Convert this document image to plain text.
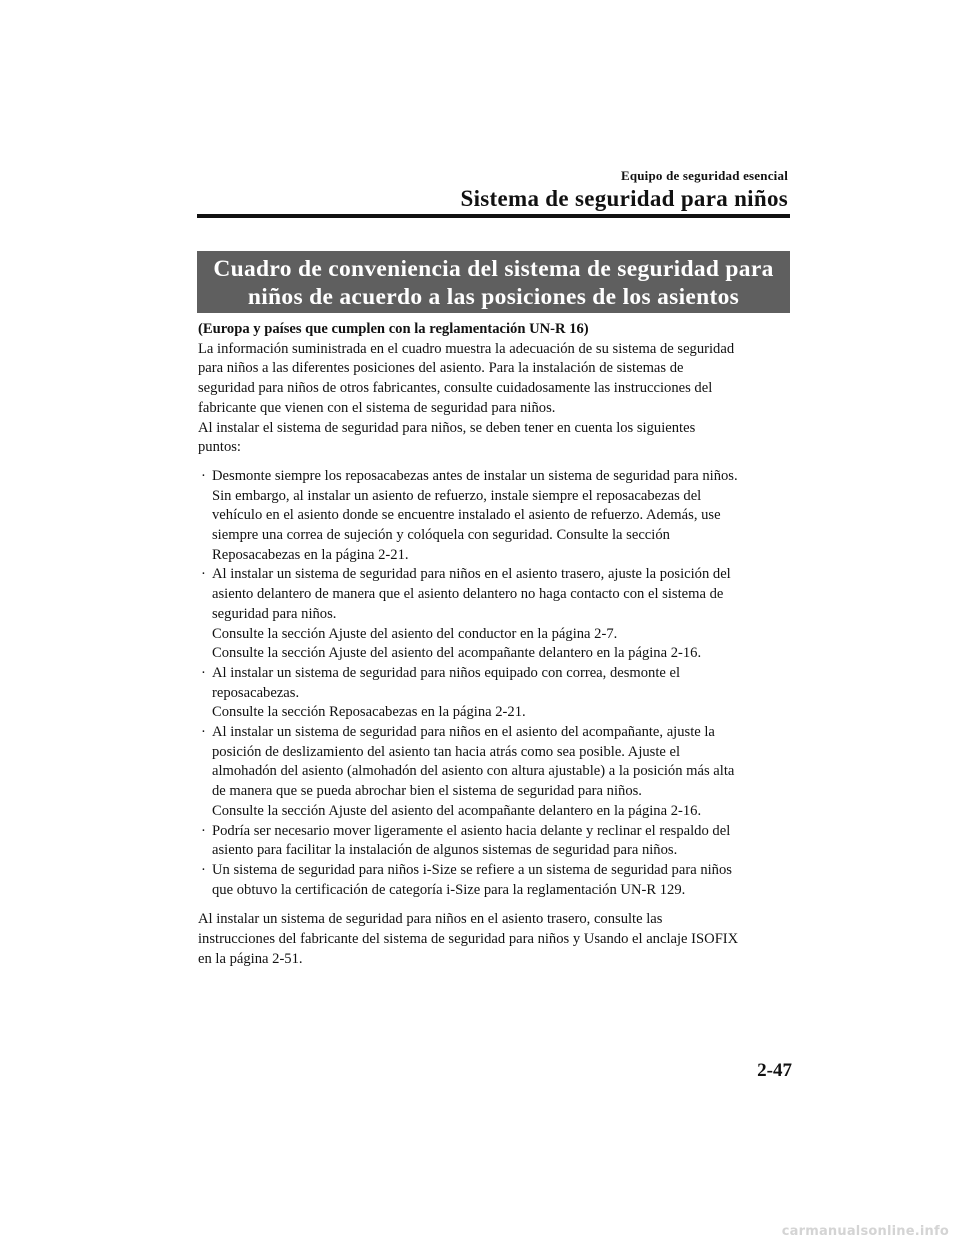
Equipo de seguridad esencial
Sistema de seguridad para niños
Cuadro de conveniencia del sistema de seguridad para
niños de acuerdo a las posiciones de los asientos
(Europa y países que cumplen con la reglamentación UN-R 16)
La información suministrada en el cuadro muestra la adecuación de su sistema de seguridad
para niños a las diferentes posiciones del asiento. Para la instalación de sistemas de
seguridad para niños de otros fabricantes, consulte cuidadosamente las instrucciones del
fabricante que vienen con el sistema de seguridad para niños.
Al instalar el sistema de seguridad para niños, se deben tener en cuenta los siguientes
puntos:
· Desmonte siempre los reposacabezas antes de instalar un sistema de seguridad para niños.
Sin embargo, al instalar un asiento de refuerzo, instale siempre el reposacabezas del
vehículo en el asiento donde se encuentre instalado el asiento de refuerzo. Además, use
siempre una correa de sujeción y colóquela con seguridad. Consulte la sección
Reposacabezas en la página 2-21.
· Al instalar un sistema de seguridad para niños en el asiento trasero, ajuste la posición del
asiento delantero de manera que el asiento delantero no haga contacto con el sistema de
seguridad para niños.
Consulte la sección Ajuste del asiento del conductor en la página 2-7.
Consulte la sección Ajuste del asiento del acompañante delantero en la página 2-16.
· Al instalar un sistema de seguridad para niños equipado con correa, desmonte el
reposacabezas.
Consulte la sección Reposacabezas en la página 2-21.
· Al instalar un sistema de seguridad para niños en el asiento del acompañante, ajuste la
posición de deslizamiento del asiento tan hacia atrás como sea posible. Ajuste el
almohadón del asiento (almohadón del asiento con altura ajustable) a la posición más alta
de manera que se pueda abrochar bien el sistema de seguridad para niños.
Consulte la sección Ajuste del asiento del acompañante delantero en la página 2-16.
· Podría ser necesario mover ligeramente el asiento hacia delante y reclinar el respaldo del
asiento para facilitar la instalación de algunos sistemas de seguridad para niños.
· Un sistema de seguridad para niños i-Size se refiere a un sistema de seguridad para niños
que obtuvo la certificación de categoría i-Size para la reglamentación UN-R 129.
Al instalar un sistema de seguridad para niños en el asiento trasero, consulte las
instrucciones del fabricante del sistema de seguridad para niños y Usando el anclaje ISOFIX
en la página 2-51.
2-47
carmanualsonline.info
